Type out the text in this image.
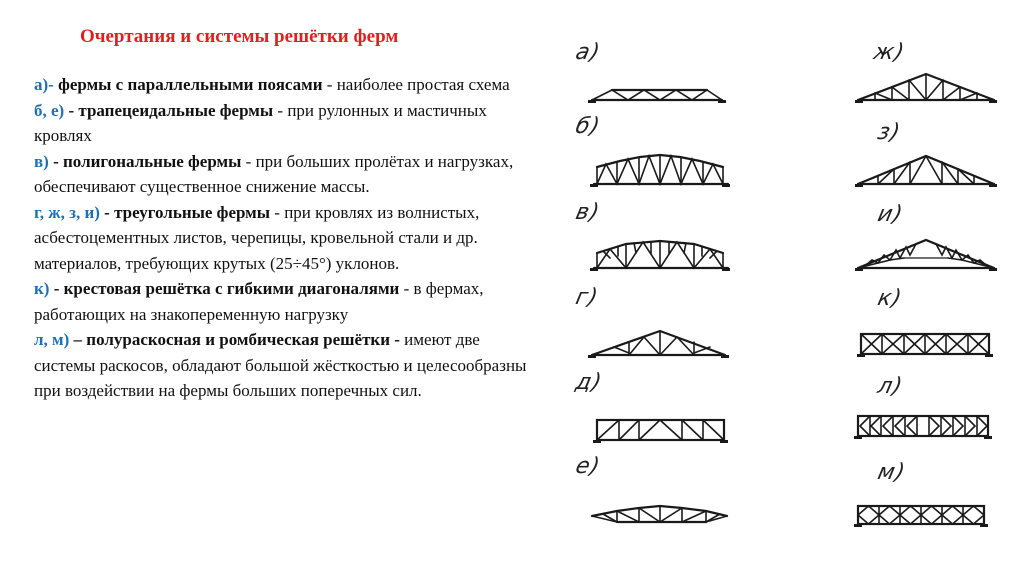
Очертания и системы решётки ферм

а)- фермы с параллельными поясами - наиболее простая схема

б, е) - трапецеидальные фермы - при рулонных и мастичных кровлях

в) - полигональные фермы - при больших пролётах и нагрузках, обеспечивают существенное снижение массы.

г, ж, з, и) - треугольные фермы - при кровлях из волнистых, асбестоцементных листов, черепицы, кровельной стали и др. материалов, требующих крутых (25÷45°) уклонов.

к) - крестовая решётка с гибкими диагоналями - в фермах, работающих на знакопеременную нагрузку

л, м) – полураскосная и ромбическая решётки - имеют две системы раскосов, обладают большой жёсткостью и целесообразны при воздействии на фермы больших поперечных сил.

а)
б)
в)
г)
д)
е)
ж)
з)
и)
к)
л)
м)
